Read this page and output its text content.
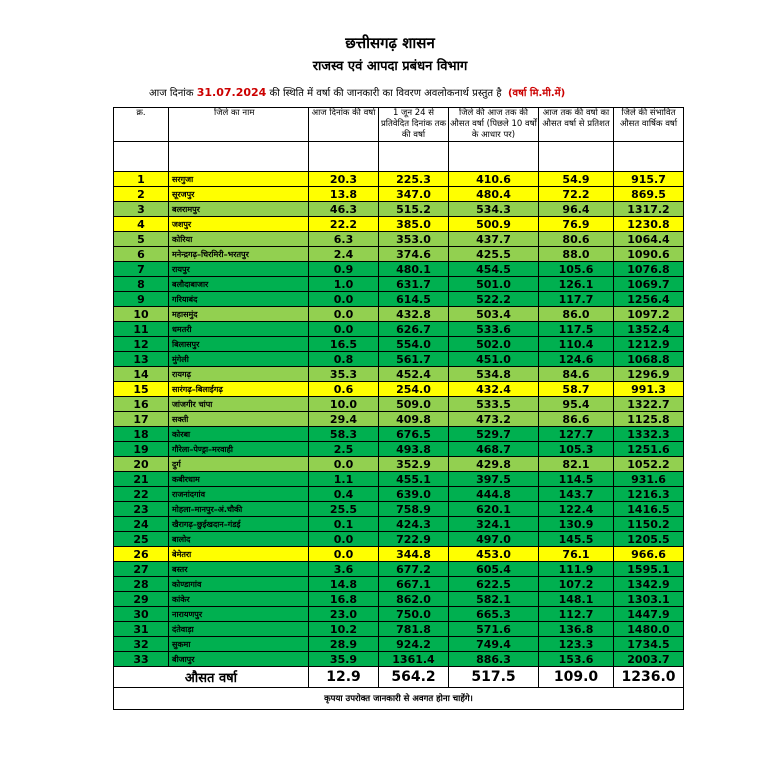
छत्तीसगढ़ शासन
राजस्व एवं आपदा प्रबंधन विभाग
आज दिनांक 31.07.2024 की स्थिति में वर्षा की जानकारी का विवरण अवलोकनार्थ प्रस्तुत है (वर्षा मि.मी.में)
क्र.	जिले का नाम	आज दिनांक की वर्षा	1 जून 24 से प्रतिवेदित दिनांक तक की वर्षा	जिले की आज तक की औसत वर्षा (पिछले 10 वर्षों के आधार पर)	आज तक की वर्षा का औसत वर्षा से प्रतिशत	जिले की संभावित औसत वार्षिक वर्षा

1	सरगुजा	20.3	225.3	410.6	54.9	915.7
2	सूरजपुर	13.8	347.0	480.4	72.2	869.5
3	बलरामपुर	46.3	515.2	534.3	96.4	1317.2
4	जशपुर	22.2	385.0	500.9	76.9	1230.8
5	कोरिया	6.3	353.0	437.7	80.6	1064.4
6	मनेन्द्रगढ़–चिरमिरी–भरतपुर	2.4	374.6	425.5	88.0	1090.6
7	रायपुर	0.9	480.1	454.5	105.6	1076.8
8	बलौदाबाजार	1.0	631.7	501.0	126.1	1069.7
9	गरियाबंद	0.0	614.5	522.2	117.7	1256.4
10	महासमुंद	0.0	432.8	503.4	86.0	1097.2
11	धमतरी	0.0	626.7	533.6	117.5	1352.4
12	बिलासपुर	16.5	554.0	502.0	110.4	1212.9
13	मुंगेली	0.8	561.7	451.0	124.6	1068.8
14	रायगढ़	35.3	452.4	534.8	84.6	1296.9
15	सारंगढ़–बिलाईगढ़	0.6	254.0	432.4	58.7	991.3
16	जांजगीर चांपा	10.0	509.0	533.5	95.4	1322.7
17	सक्ती	29.4	409.8	473.2	86.6	1125.8
18	कोरबा	58.3	676.5	529.7	127.7	1332.3
19	गौरेला–पेण्ड्रा–मरवाही	2.5	493.8	468.7	105.3	1251.6
20	दुर्ग	0.0	352.9	429.8	82.1	1052.2
21	कबीरधाम	1.1	455.1	397.5	114.5	931.6
22	राजनांदगांव	0.4	639.0	444.8	143.7	1216.3
23	मोहला–मानपुर–अं.चौकी	25.5	758.9	620.1	122.4	1416.5
24	खैरागढ़–छुईखदान–गंडई	0.1	424.3	324.1	130.9	1150.2
25	बालोद	0.0	722.9	497.0	145.5	1205.5
26	बेमेतरा	0.0	344.8	453.0	76.1	966.6
27	बस्तर	3.6	677.2	605.4	111.9	1595.1
28	कोण्डागांव	14.8	667.1	622.5	107.2	1342.9
29	कांकेर	16.8	862.0	582.1	148.1	1303.1
30	नारायणपुर	23.0	750.0	665.3	112.7	1447.9
31	दंतेवाड़ा	10.2	781.8	571.6	136.8	1480.0
32	सुकमा	28.9	924.2	749.4	123.3	1734.5
33	बीजापुर	35.9	1361.4	886.3	153.6	2003.7
औसत वर्षा		12.9	564.2	517.5	109.0	1236.0
कृपया उपरोक्त जानकारी से अवगत होना चाहेंगे।						
